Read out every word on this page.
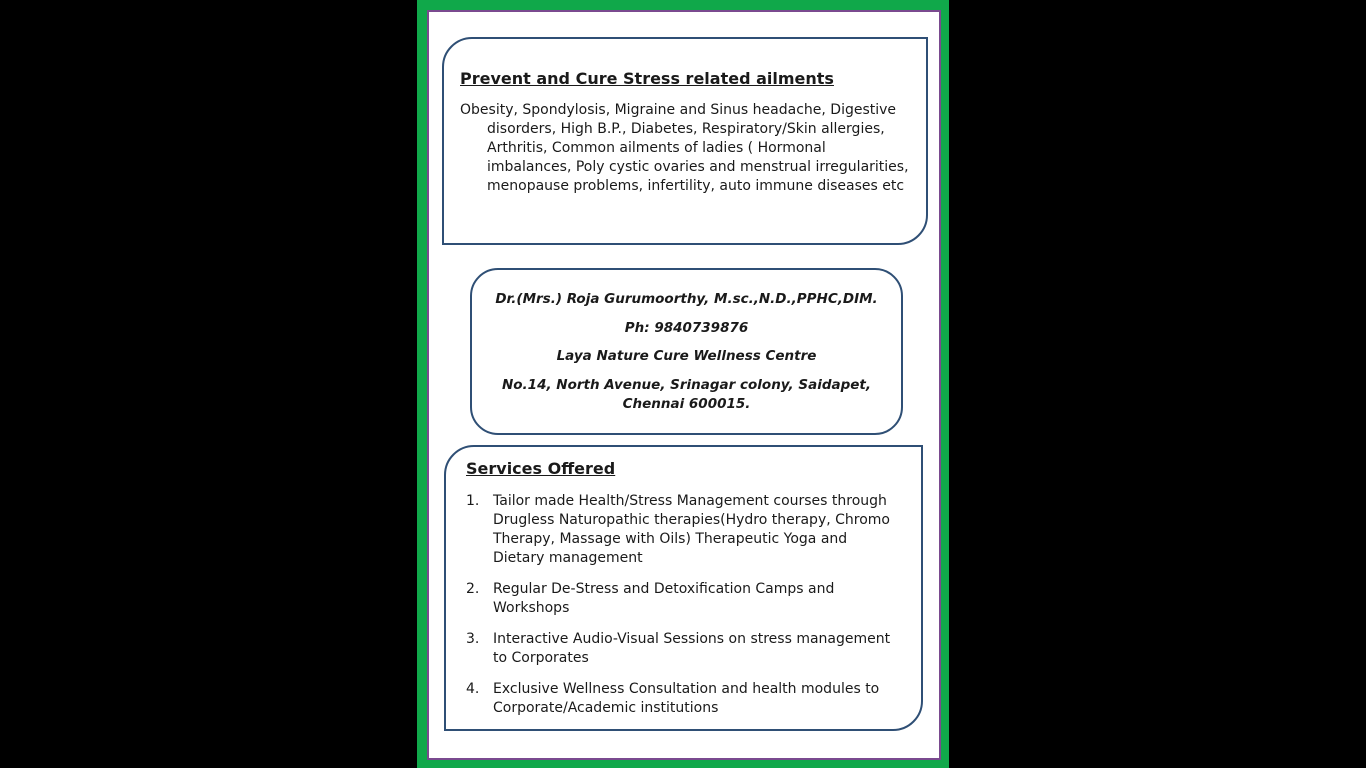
Prevent and Cure Stress related ailments
Obesity, Spondylosis, Migraine and Sinus headache, Digestive disorders, High B.P., Diabetes, Respiratory/Skin allergies, Arthritis, Common ailments of ladies ( Hormonal imbalances, Poly cystic ovaries and menstrual irregularities, menopause problems, infertility, auto immune diseases etc

Dr.(Mrs.) Roja Gurumoorthy, M.sc.,N.D.,PPHC,DIM.

Ph: 9840739876

Laya Nature Cure Wellness Centre

No.14, North Avenue, Srinagar colony, Saidapet, Chennai 600015.

Services Offered
1. Tailor made Health/Stress Management courses through Drugless Naturopathic therapies(Hydro therapy, Chromo Therapy, Massage with Oils) Therapeutic Yoga and Dietary management
2. Regular De-Stress and Detoxification Camps and Workshops
3. Interactive Audio-Visual Sessions on stress management to Corporates
4. Exclusive Wellness Consultation and health modules to Corporate/Academic institutions
